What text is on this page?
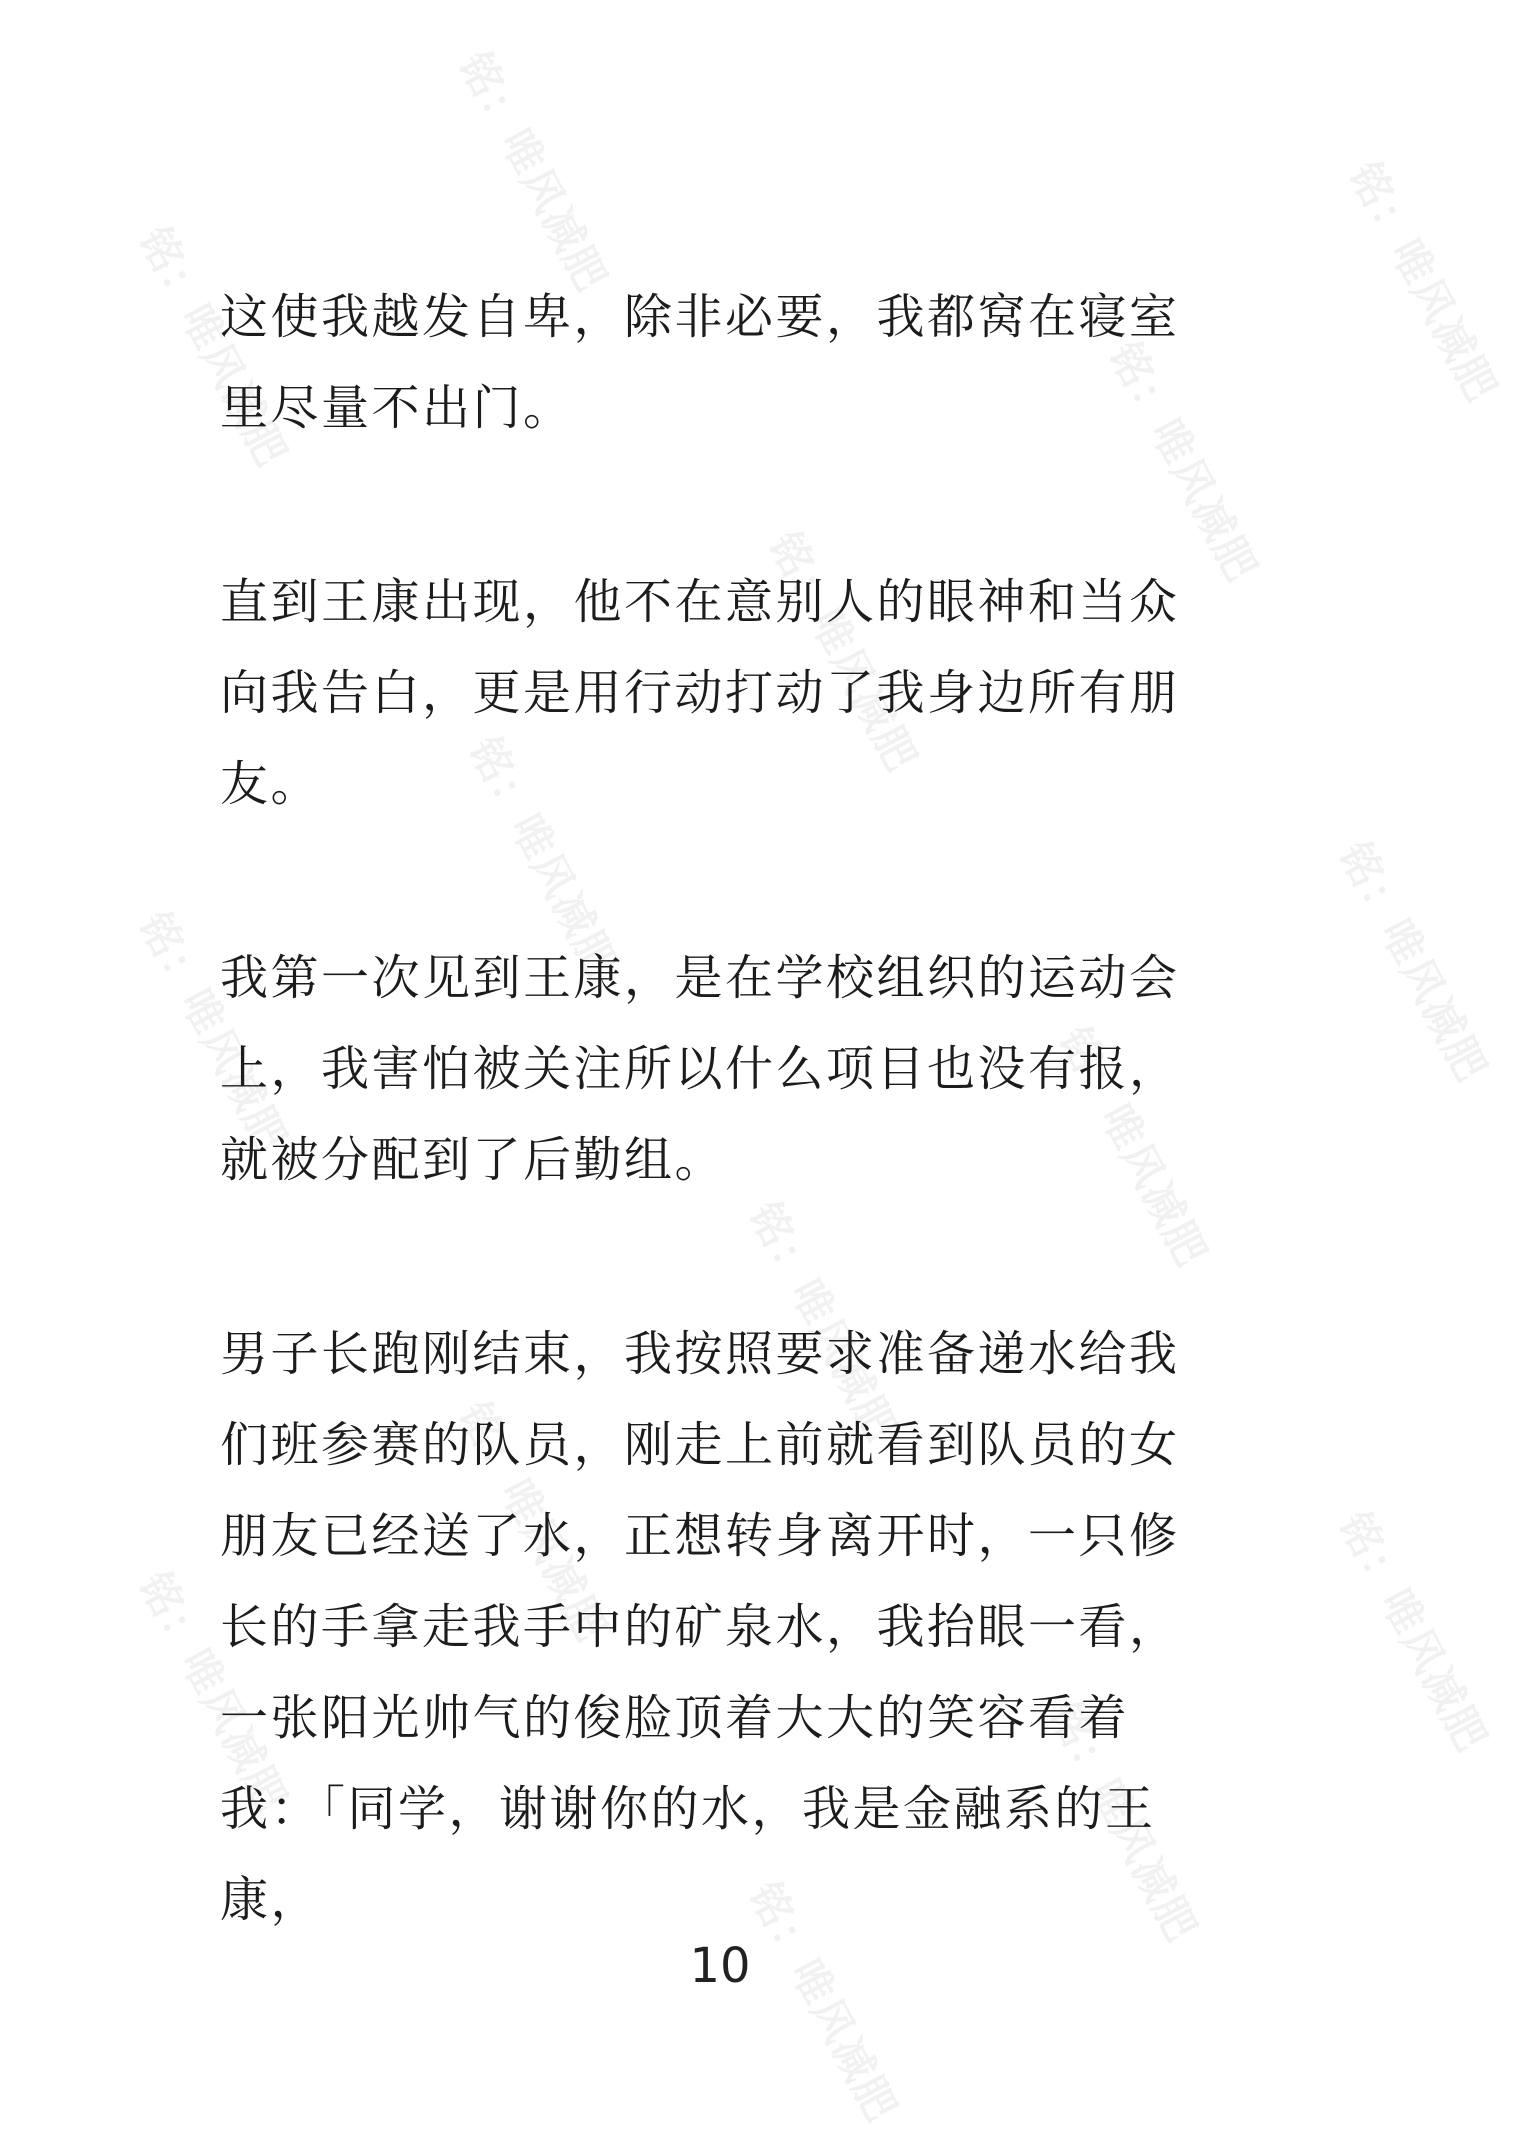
铭：唯风减肥
铭：唯风减肥	铭：唯风减肥
铭：唯风减肥
铭：唯风减肥
铭：唯风减肥
铭：唯风减肥	铭：唯风减肥
铭：唯风减肥
铭：唯风减肥
铭：唯风减肥
铭：唯风减肥	铭：唯风减肥
铭：唯风减肥
铭：唯风减肥

这使我越发自卑，除非必要，我都窝在寝室
里尽量不出门。

直到王康出现，他不在意别人的眼神和当众
向我告白，更是用行动打动了我身边所有朋
友。

我第一次见到王康，是在学校组织的运动会
上，我害怕被关注所以什么项目也没有报，
就被分配到了后勤组。

男子长跑刚结束，我按照要求准备递水给我
们班参赛的队员，刚走上前就看到队员的女
朋友已经送了水，正想转身离开时，一只修
长的手拿走我手中的矿泉水，我抬眼一看，
一张阳光帅气的俊脸顶着大大的笑容看着
我：「同学，谢谢你的水，我是金融系的王康，

10
